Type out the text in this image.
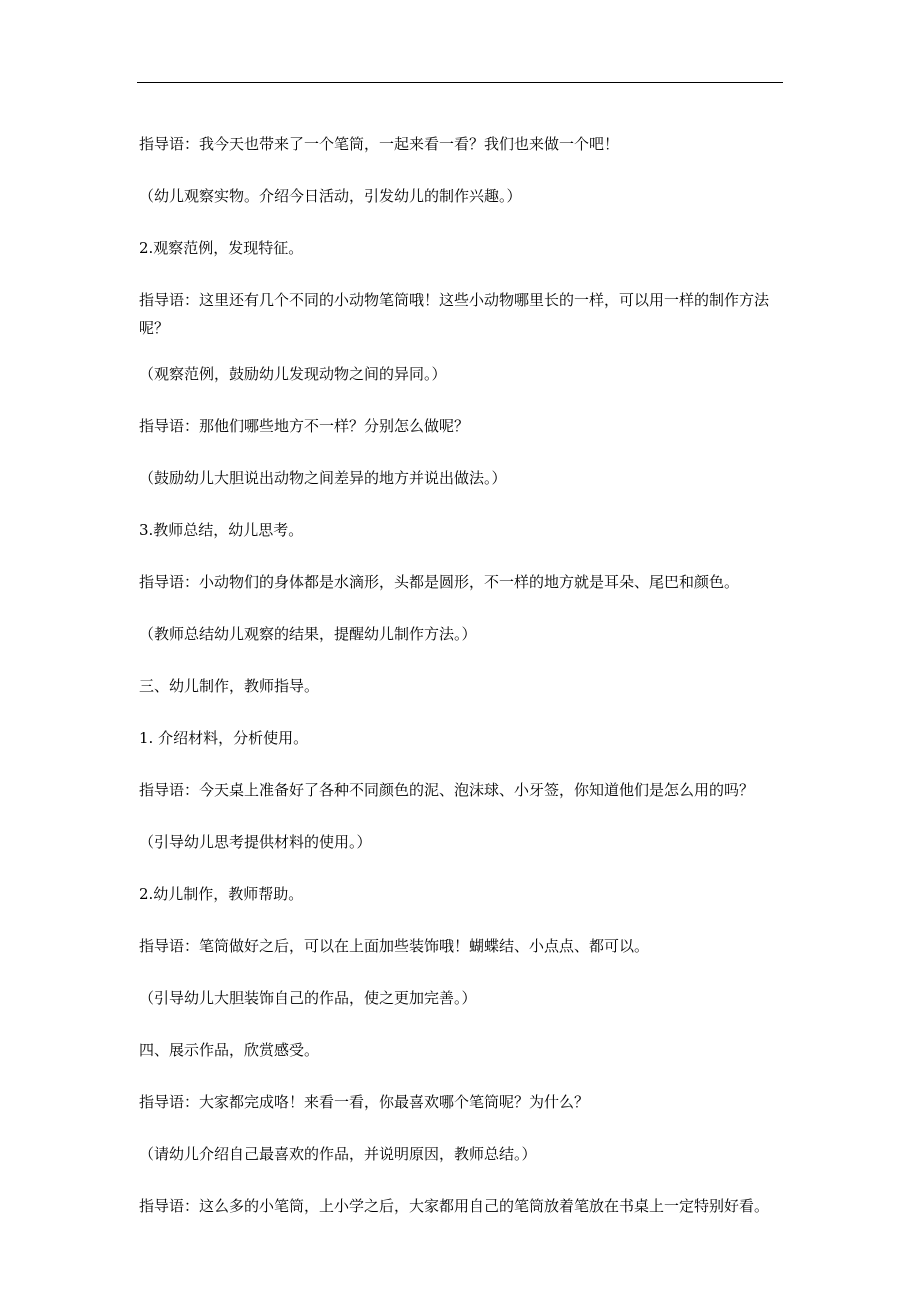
指导语：我今天也带来了一个笔筒，一起来看一看？我们也来做一个吧！

（幼儿观察实物。介绍今日活动，引发幼儿的制作兴趣。）

2.观察范例，发现特征。

指导语：这里还有几个不同的小动物笔筒哦！这些小动物哪里长的一样，可以用一样的制作方法呢？

（观察范例，鼓励幼儿发现动物之间的异同。）

指导语：那他们哪些地方不一样？分别怎么做呢？

（鼓励幼儿大胆说出动物之间差异的地方并说出做法。）

3.教师总结，幼儿思考。

指导语：小动物们的身体都是水滴形，头都是圆形，不一样的地方就是耳朵、尾巴和颜色。

（教师总结幼儿观察的结果，提醒幼儿制作方法。）

三、幼儿制作，教师指导。

1. 介绍材料，分析使用。

指导语：今天桌上准备好了各种不同颜色的泥、泡沫球、小牙签，你知道他们是怎么用的吗？

（引导幼儿思考提供材料的使用。）

2.幼儿制作，教师帮助。

指导语：笔筒做好之后，可以在上面加些装饰哦！蝴蝶结、小点点、都可以。

（引导幼儿大胆装饰自己的作品，使之更加完善。）

四、展示作品，欣赏感受。

指导语：大家都完成咯！来看一看，你最喜欢哪个笔筒呢？为什么？

（请幼儿介绍自己最喜欢的作品，并说明原因，教师总结。）

指导语：这么多的小笔筒，上小学之后，大家都用自己的笔筒放着笔放在书桌上一定特别好看。
